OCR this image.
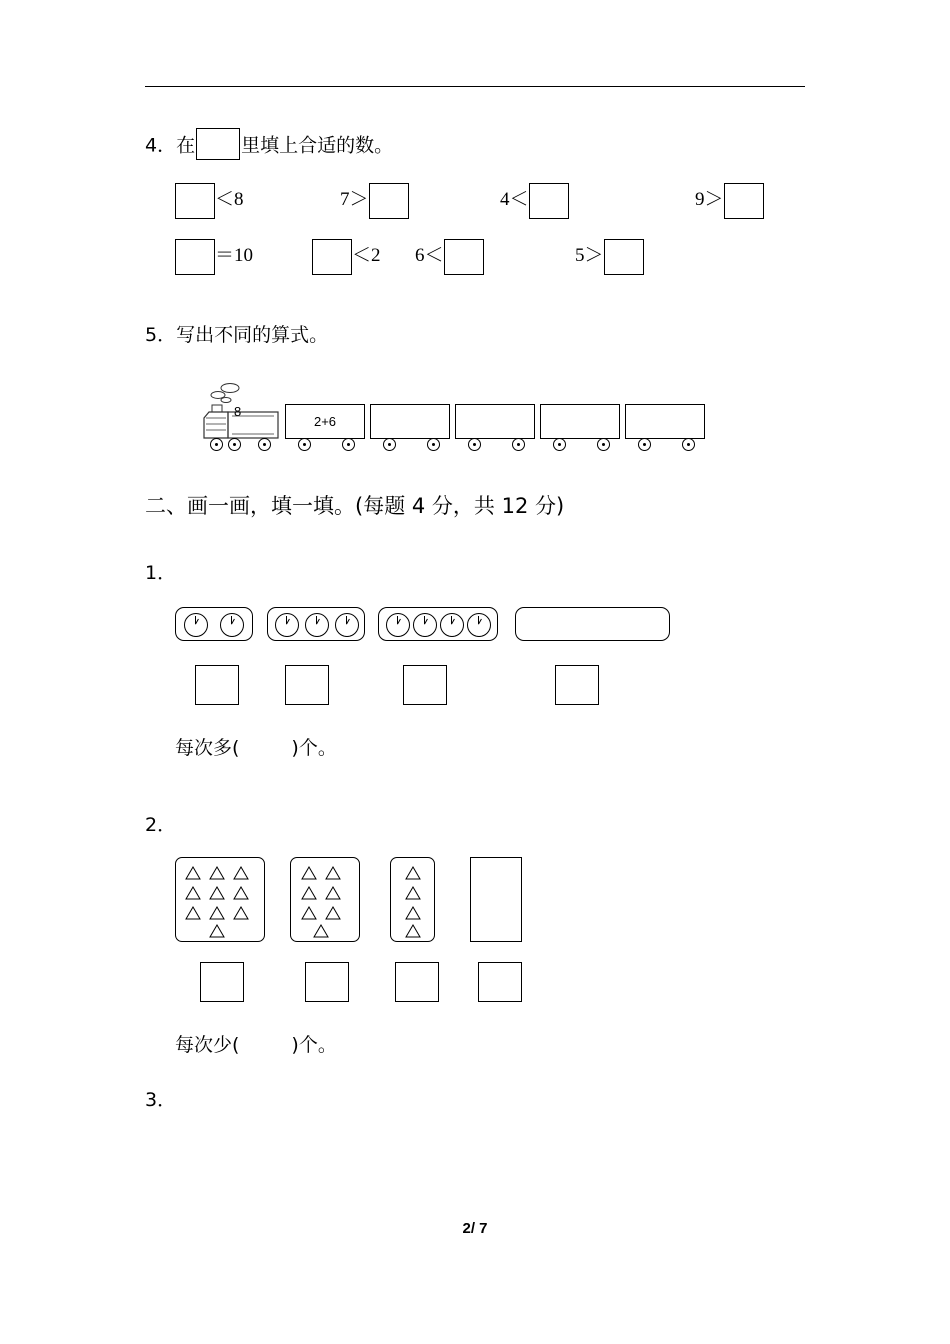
4．在 里填上合适的数。
＜8	7＞	4＜	9＞
＝10	＜2 6＜	5＞
5．写出不同的算式。
8
2+6
二、画一画，填一填。(每题 4 分，共 12 分)
1．
每次多(	)个。
2．
每次少(	)个。
3．
2/ 7
